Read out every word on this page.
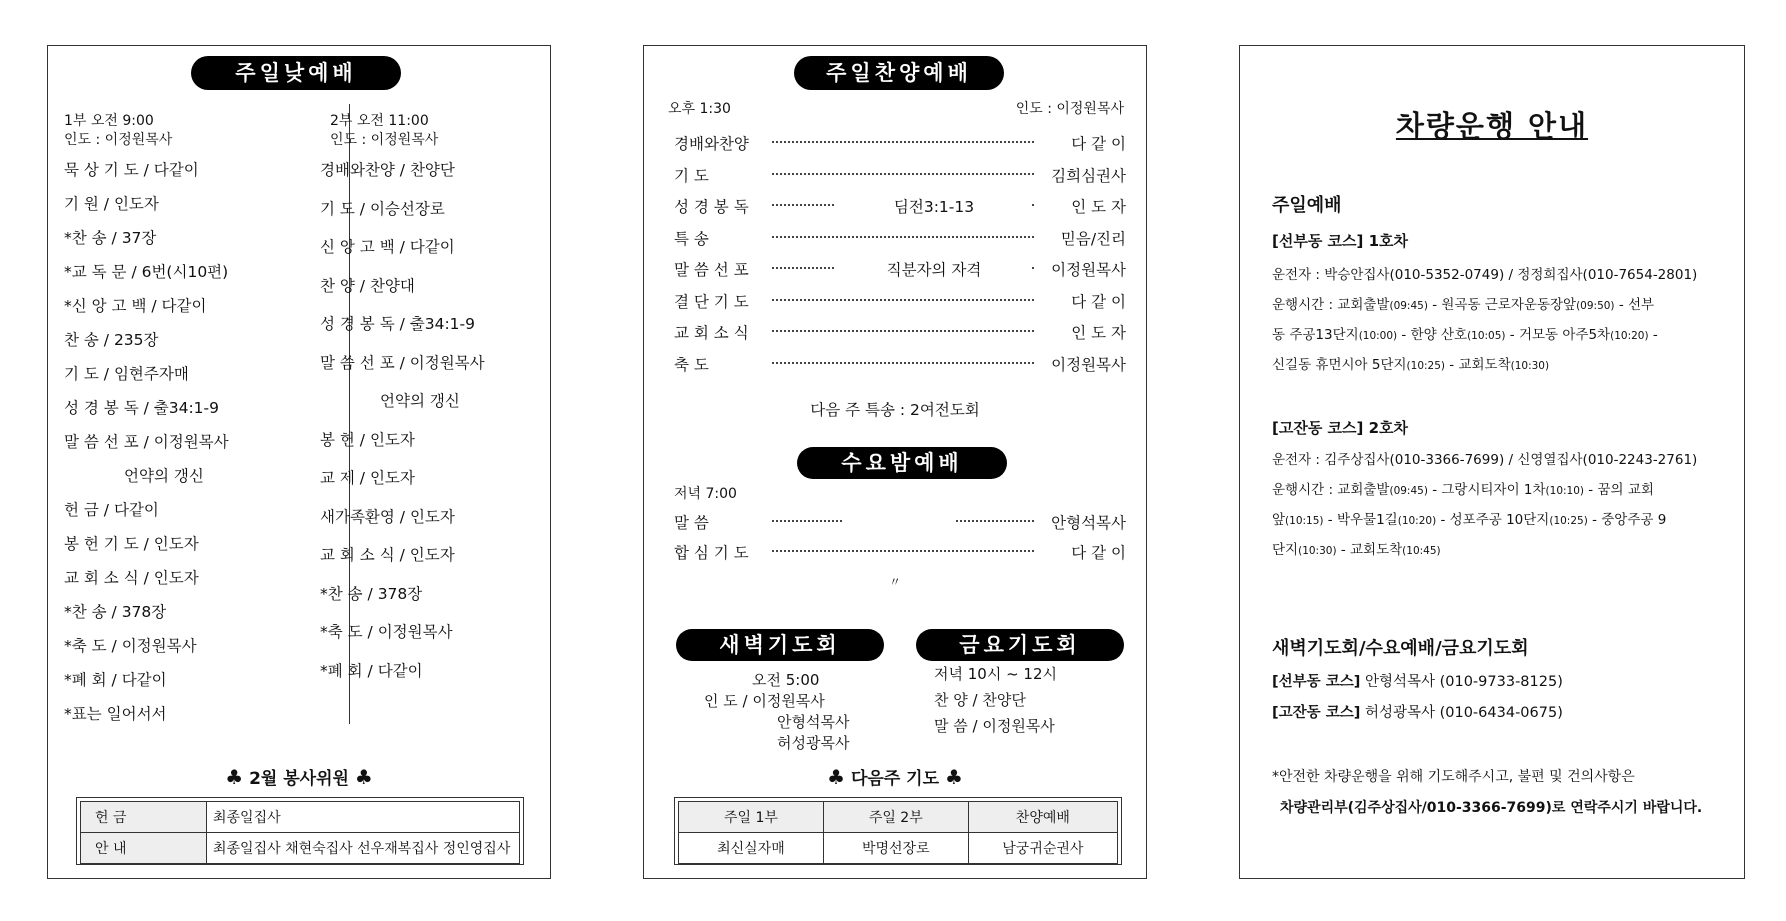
주일낮예배
1부 오전 9:00
인도 : 이정원목사
2부 오전 11:00
인도 : 이정원목사
묵 상 기 도 / 다같이
기 원 / 인도자
*찬 송 / 37장
*교 독 문 / 6번(시10편)
*신 앙 고 백 / 다같이
찬 송 / 235장
기 도 / 임현주자매
성 경 봉 독 / 출34:1-9
말 씀 선 포 / 이정원목사
언약의 갱신
헌 금 / 다같이
봉 헌 기 도 / 인도자
교 회 소 식 / 인도자
*찬 송 / 378장
*축 도 / 이정원목사
*폐 회 / 다같이
*표는 일어서서
경배와찬양 / 찬양단
기 도 / 이승선장로
신 앙 고 백 / 다같이
찬 양 / 찬양대
성 경 봉 독 / 출34:1-9
말 씀 선 포 / 이정원목사
언약의 갱신
봉 헌 / 인도자
교 제 / 인도자
새가족환영 / 인도자
교 회 소 식 / 인도자
*찬 송 / 378장
*축 도 / 이정원목사
*폐 회 / 다같이
♣ 2월 봉사위원 ♣
헌 금	최종일집사
안 내	최종일집사 채현숙집사 선우재복집사 정인영집사
주일찬양예배
오후 1:30	인도 : 이정원목사
경배와찬양	다 같 이
기 도	김희심권사
성 경 봉 독	딤전3:1-13	인 도 자
특 송	믿음/진리
말 씀 선 포	직분자의 자격	이정원목사
결 단 기 도	다 같 이
교 회 소 식	인 도 자
축 도	이정원목사
다음 주 특송 : 2여전도회
수요밤예배
저녁 7:00
말 씀	안형석목사
합 심 기 도	다 같 이
〃
새벽기도회	금요기도회
오전 5:00
인 도 / 이정원목사
안형석목사
허성광목사
저녁 10시 ~ 12시
찬 양 / 찬양단
말 씀 / 이정원목사
♣ 다음주 기도 ♣
주일 1부	주일 2부	찬양예배
최신실자매	박명선장로	남궁귀순권사
차량운행 안내
주일예배
[선부동 코스] 1호차
운전자 : 박승안집사(010-5352-0749) / 정정희집사(010-7654-2801)
운행시간 : 교회출발(09:45) - 원곡동 근로자운동장앞(09:50) - 선부
동 주공13단지(10:00) - 한양 산호(10:05) - 거모동 아주5차(10:20) -
신길동 휴먼시아 5단지(10:25) - 교회도착(10:30)
[고잔동 코스] 2호차
운전자 : 김주상집사(010-3366-7699) / 신영열집사(010-2243-2761)
운행시간 : 교회출발(09:45) - 그랑시티자이 1차(10:10) - 꿈의 교회
앞(10:15) - 박우물1길(10:20) - 성포주공 10단지(10:25) - 중앙주공 9
단지(10:30) - 교회도착(10:45)
새벽기도회/수요예배/금요기도회
[선부동 코스] 안형석목사 (010-9733-8125)
[고잔동 코스] 허성광목사 (010-6434-0675)
*안전한 차량운행을 위해 기도해주시고, 불편 및 건의사항은
차량관리부(김주상집사/010-3366-7699)로 연락주시기 바랍니다.
